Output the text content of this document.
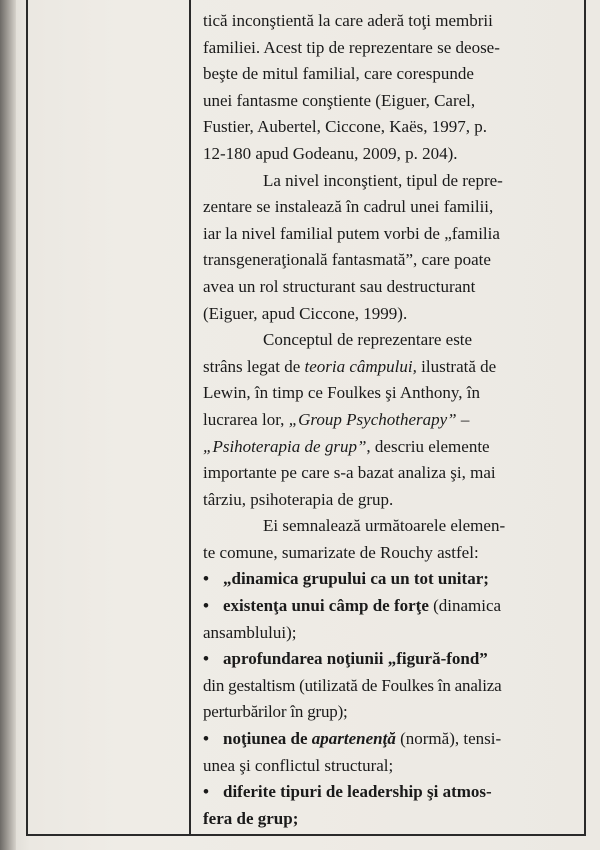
tică inconştientă la care aderă toţi membrii
familiei. Acest tip de reprezentare se deose-
beşte de mitul familial, care corespunde
unei fantasme conştiente (Eiguer, Carel,
Fustier, Aubertel, Ciccone, Kaës, 1997, p.
12-180 apud Godeanu, 2009, p. 204).

La nivel inconştient, tipul de repre-
zentare se instalează în cadrul unei familii,
iar la nivel familial putem vorbi de „familia
transgeneraţională fantasmată”, care poate
avea un rol structurant sau destructurant
(Eiguer, apud Ciccone, 1999).

Conceptul de reprezentare este
strâns legat de teoria câmpului, ilustrată de
Lewin, în timp ce Foulkes şi Anthony, în
lucrarea lor, „Group Psychotherapy” –
„Psihoterapia de grup”, descriu elemente
importante pe care s-a bazat analiza şi, mai
târziu, psihoterapia de grup.

Ei semnalează următoarele elemen-
te comune, sumarizate de Rouchy astfel:

• „dinamica grupului ca un tot unitar;
• existenţa unui câmp de forţe (dinamica

ansamblului);

• aprofundarea noţiunii „figură-fond”

din gestaltism (utilizată de Foulkes în analiza
perturbărilor în grup);

• noţiunea de apartenenţă (normă), tensi-

unea şi conflictul structural;

• diferite tipuri de leadership şi atmos-

fera de grup;
